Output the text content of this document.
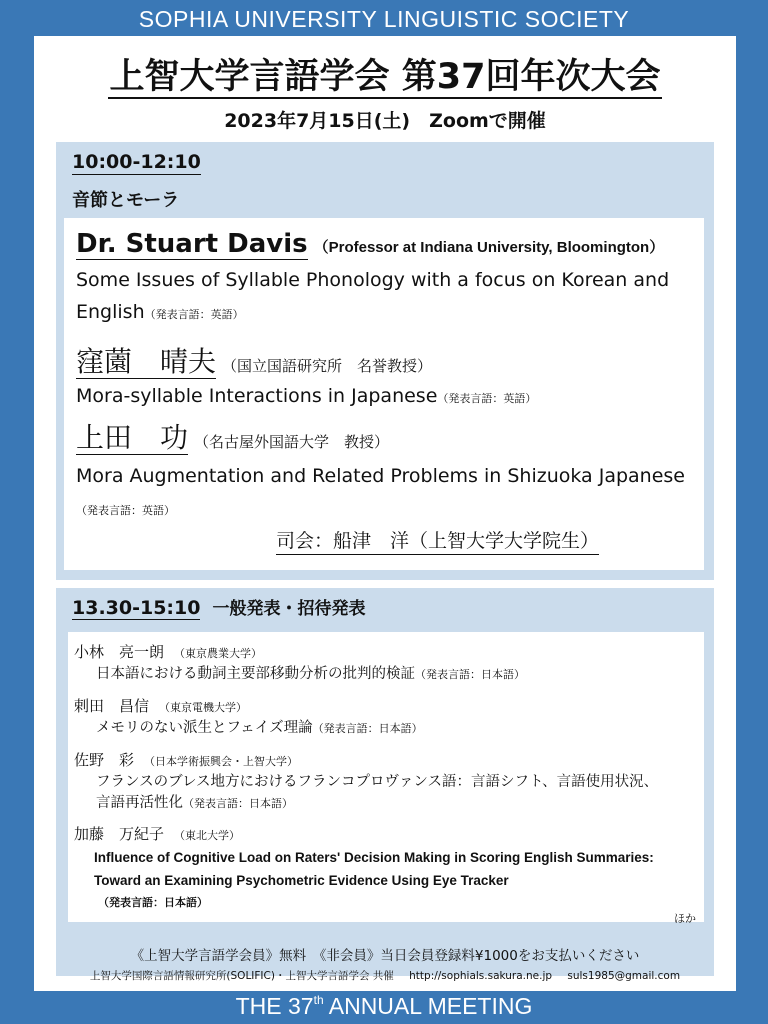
SOPHIA UNIVERSITY LINGUISTIC SOCIETY
上智大学言語学会 第37回年次大会
2023年7月15日(土)　Zoomで開催
10:00-12:10
音節とモーラ
Dr. Stuart Davis （Professor at Indiana University, Bloomington）
Some Issues of Syllable Phonology with a focus on Korean and English（発表言語：英語）
窪薗　晴夫 （国立国語研究所　名誉教授）
Mora-syllable Interactions in Japanese（発表言語：英語）
上田　功 （名古屋外国語大学　教授）
Mora Augmentation and Related Problems in Shizuoka Japanese（発表言語：英語）
司会：船津　洋（上智大学大学院生）
13.30-15:10 一般発表・招待発表
小林　亮一朗 （東京農業大学）
日本語における動詞主要部移動分析の批判的検証（発表言語：日本語）
剌田　昌信 （東京電機大学）
メモリのない派生とフェイズ理論（発表言語：日本語）
佐野　彩 （日本学術振興会・上智大学）
フランスのブレス地方におけるフランコプロヴァンス語：言語シフト、言語使用状況、言語再活性化（発表言語：日本語）
加藤　万紀子 （東北大学）
Influence of Cognitive Load on Raters' Decision Making in Scoring English Summaries: Toward an Examining Psychometric Evidence Using Eye Tracker
（発表言語：日本語）
ほか
《上智大学言語学会員》無料　《非会員》当日会員登録料¥1000をお支払いください
上智大学国際言語情報研究所(SOLIFIC)・上智大学言語学会 共催 http://sophials.sakura.ne.jp suls1985@gmail.com
THE 37th ANNUAL MEETING
